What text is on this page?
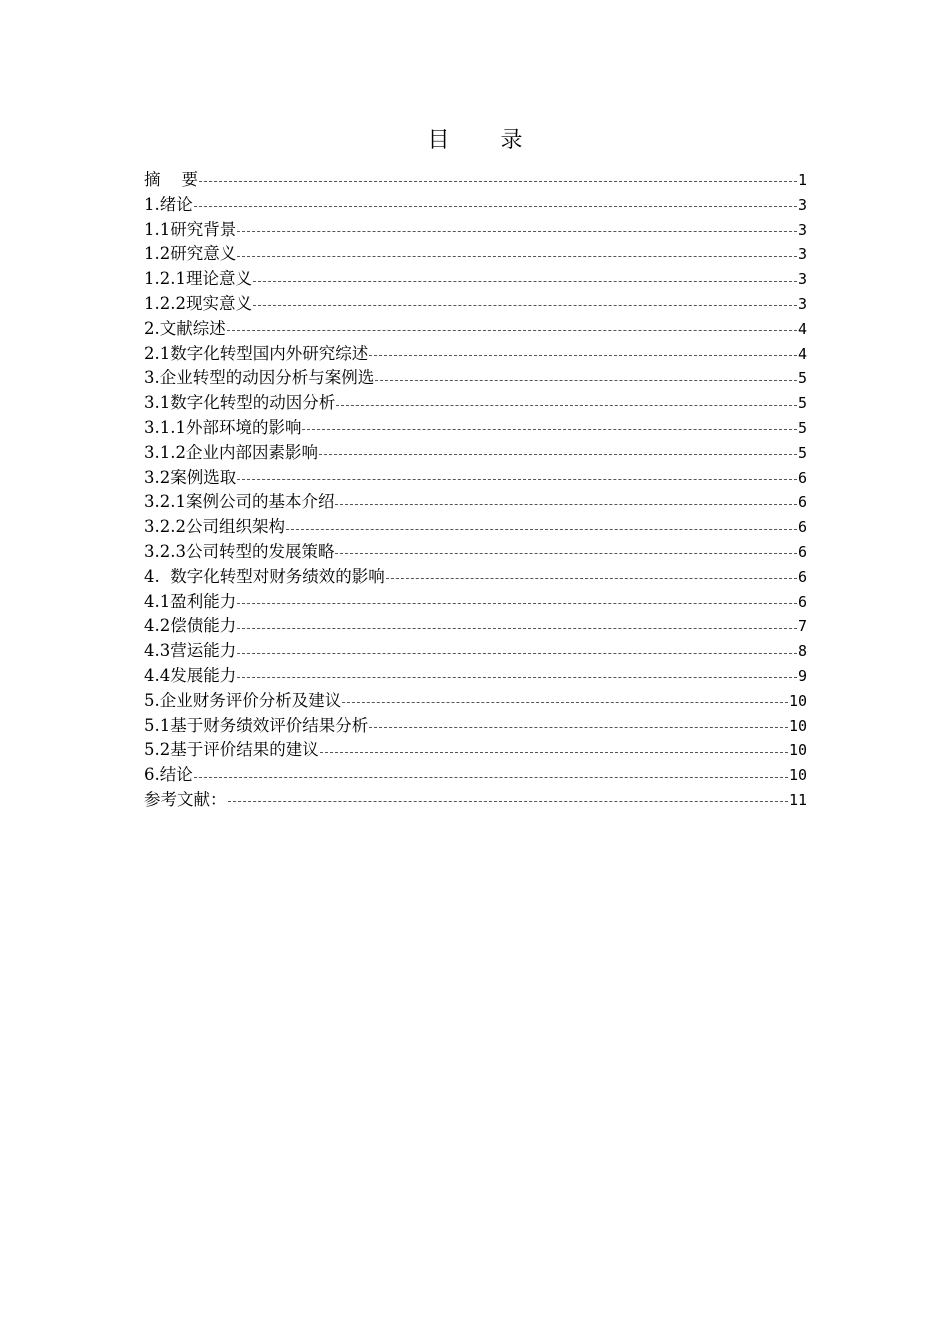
目 录
摘    要	1
1.绪论	3
1.1研究背景	3
1.2研究意义	3
1.2.1理论意义	3
1.2.2现实意义	3
2.文献综述	4
2.1数字化转型国内外研究综述	4
3.企业转型的动因分析与案例选	5
3.1数字化转型的动因分析	5
3.1.1外部环境的影响	5
3.1.2企业内部因素影响	5
3.2案例选取	6
3.2.1案例公司的基本介绍	6
3.2.2公司组织架构	6
3.2.3公司转型的发展策略	6
4.  数字化转型对财务绩效的影响	6
4.1盈利能力	6
4.2偿债能力	7
4.3营运能力	8
4.4发展能力	9
5.企业财务评价分析及建议	10
5.1基于财务绩效评价结果分析	10
5.2基于评价结果的建议	10
6.结论	10
参考文献：	11
